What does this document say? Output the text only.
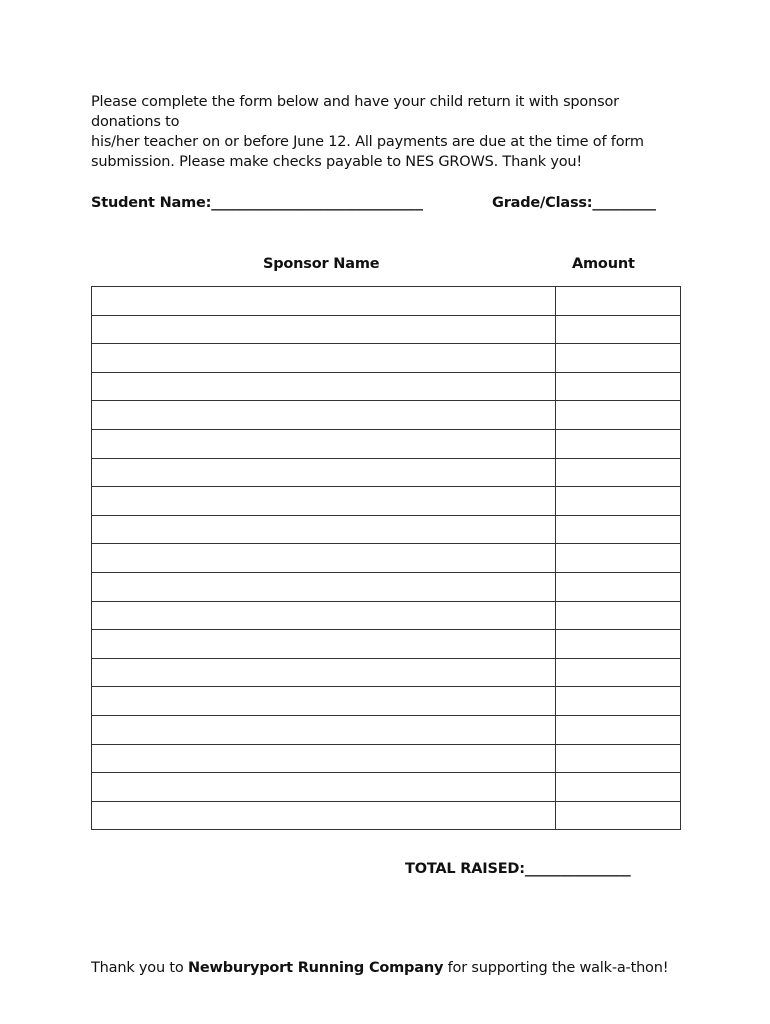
Please complete the form below and have your child return it with sponsor donations to

his/her teacher on or before June 12. All payments are due at the time of form

submission. Please make checks payable to NES GROWS. Thank you!

Student Name:______________________________	Grade/Class:_________
Sponsor Name	Amount

TOTAL RAISED:_______________
Thank you to Newburyport Running Company for supporting the walk-a-thon!
